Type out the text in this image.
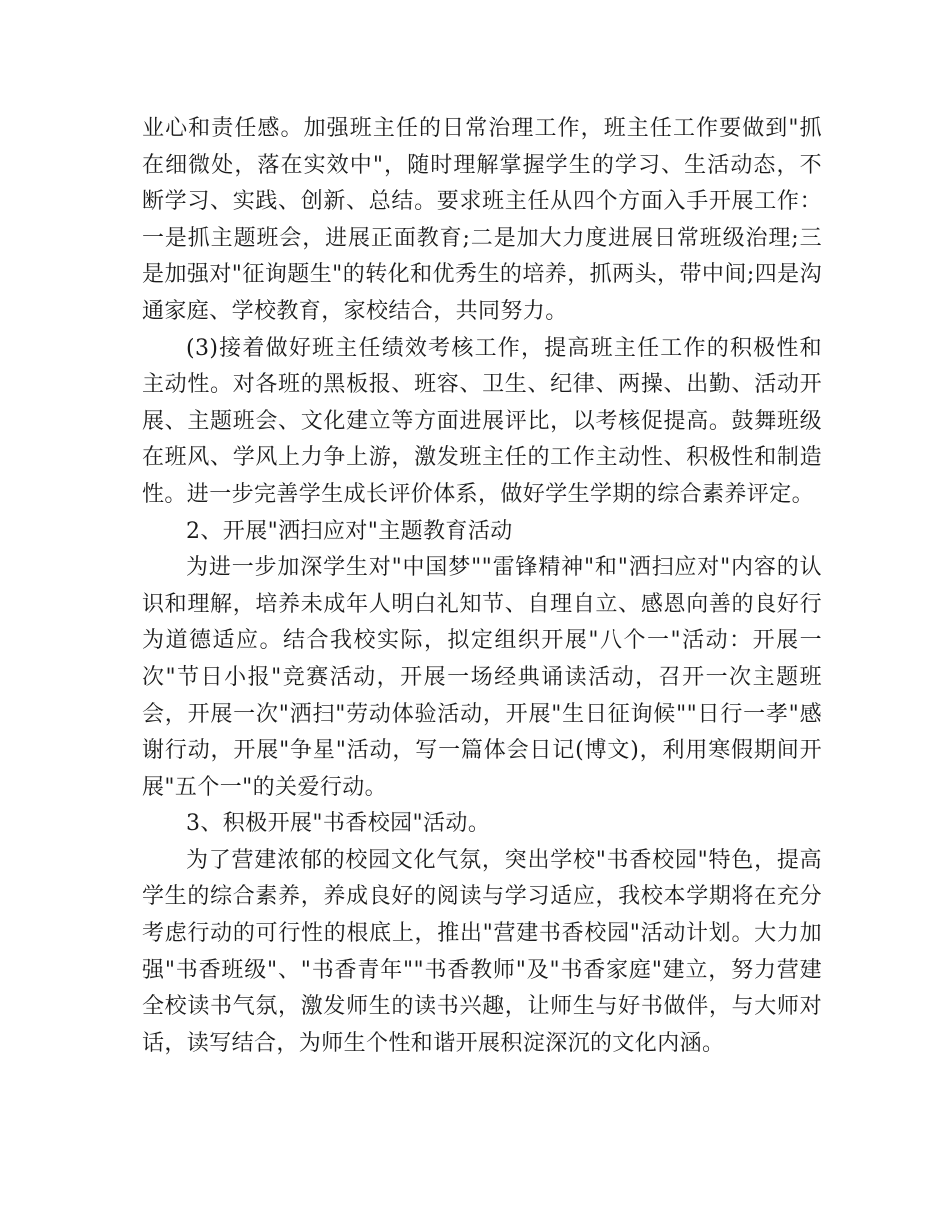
业心和责任感。加强班主任的日常治理工作，班主任工作要做到"抓在细微处，落在实效中"，随时理解掌握学生的学习、生活动态，不断学习、实践、创新、总结。要求班主任从四个方面入手开展工作：一是抓主题班会，进展正面教育;二是加大力度进展日常班级治理;三是加强对"征询题生"的转化和优秀生的培养，抓两头，带中间;四是沟通家庭、学校教育，家校结合，共同努力。

(3)接着做好班主任绩效考核工作，提高班主任工作的积极性和主动性。对各班的黑板报、班容、卫生、纪律、两操、出勤、活动开展、主题班会、文化建立等方面进展评比，以考核促提高。鼓舞班级在班风、学风上力争上游，激发班主任的工作主动性、积极性和制造性。进一步完善学生成长评价体系，做好学生学期的综合素养评定。

2、开展"洒扫应对"主题教育活动

为进一步加深学生对"中国梦""雷锋精神"和"洒扫应对"内容的认识和理解，培养未成年人明白礼知节、自理自立、感恩向善的良好行为道德适应。结合我校实际，拟定组织开展"八个一"活动：开展一次"节日小报"竞赛活动，开展一场经典诵读活动，召开一次主题班会，开展一次"洒扫"劳动体验活动，开展"生日征询候""日行一孝"感谢行动，开展"争星"活动，写一篇体会日记(博文)，利用寒假期间开展"五个一"的关爱行动。

3、积极开展"书香校园"活动。

为了营建浓郁的校园文化气氛，突出学校"书香校园"特色，提高学生的综合素养，养成良好的阅读与学习适应，我校本学期将在充分考虑行动的可行性的根底上，推出"营建书香校园"活动计划。大力加强"书香班级"、"书香青年""书香教师"及"书香家庭"建立，努力营建全校读书气氛，激发师生的读书兴趣，让师生与好书做伴，与大师对话，读写结合，为师生个性和谐开展积淀深沉的文化内涵。
